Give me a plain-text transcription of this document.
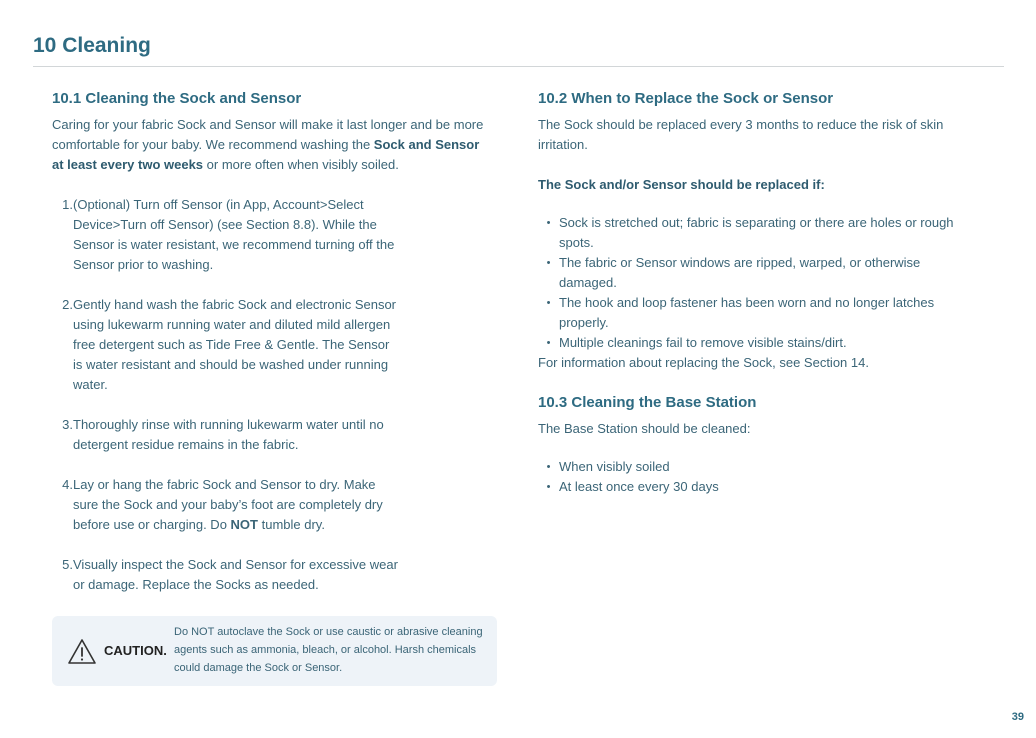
10 Cleaning
10.1 Cleaning the Sock and Sensor

Caring for your fabric Sock and Sensor will make it last longer and be more comfortable for your baby. We recommend washing the Sock and Sensor at least every two weeks or more often when visibly soiled.

1. (Optional) Turn off Sensor (in App, Account>Select Device>Turn off Sensor) (see Section 8.8). While the Sensor is water resistant, we recommend turning off the Sensor prior to washing.
2. Gently hand wash the fabric Sock and electronic Sensor using lukewarm running water and diluted mild allergen free detergent such as Tide Free & Gentle. The Sensor is water resistant and should be washed under running water.
3. Thoroughly rinse with running lukewarm water until no detergent residue remains in the fabric.
4. Lay or hang the fabric Sock and Sensor to dry. Make sure the Sock and your baby’s foot are completely dry before use or charging. Do NOT tumble dry.
5. Visually inspect the Sock and Sensor for excessive wear or damage. Replace the Socks as needed.
CAUTION.
Do NOT autoclave the Sock or use caustic or abrasive cleaning agents such as ammonia, bleach, or alcohol. Harsh chemicals could damage the Sock or Sensor.
10.2 When to Replace the Sock or Sensor

The Sock should be replaced every 3 months to reduce the risk of skin irritation.

The Sock and/or Sensor should be replaced if:

• Sock is stretched out; fabric is separating or there are holes or rough spots.
• The fabric or Sensor windows are ripped, warped, or otherwise damaged.
• The hook and loop fastener has been worn and no longer latches properly.
• Multiple cleanings fail to remove visible stains/dirt.

For information about replacing the Sock, see Section 14.

10.3 Cleaning the Base Station

The Base Station should be cleaned:

• When visibly soiled
• At least once every 30 days
39
